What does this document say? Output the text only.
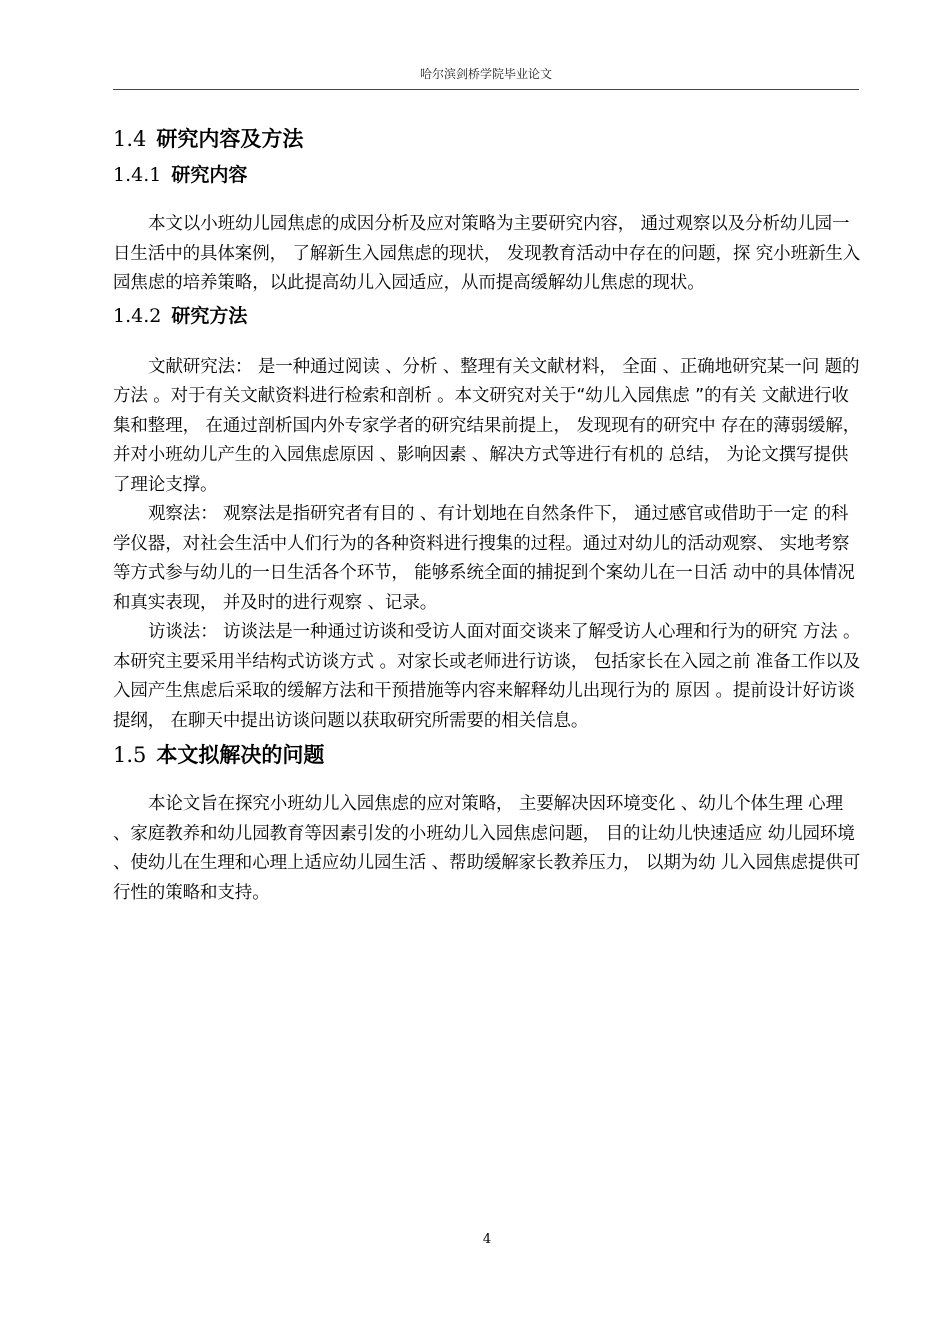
哈尔滨剑桥学院毕业论文
1.4 研究内容及方法
1.4.1 研究内容

本文以小班幼儿园焦虑的成因分析及应对策略为主要研究内容， 通过观察以及分析幼儿园一日生活中的具体案例， 了解新生入园焦虑的现状， 发现教育活动中存在的问题，探 究小班新生入园焦虑的培养策略，以此提高幼儿入园适应，从而提高缓解幼儿焦虑的现状。

1.4.2 研究方法

文献研究法： 是一种通过阅读 、分析 、整理有关文献材料， 全面 、正确地研究某一问 题的方法 。对于有关文献资料进行检索和剖析 。本文研究对关于“幼儿入园焦虑 ”的有关 文献进行收集和整理， 在通过剖析国内外专家学者的研究结果前提上， 发现现有的研究中 存在的薄弱缓解， 并对小班幼儿产生的入园焦虑原因 、影响因素 、解决方式等进行有机的 总结， 为论文撰写提供了理论支撑。

观察法： 观察法是指研究者有目的 、有计划地在自然条件下， 通过感官或借助于一定 的科学仪器，对社会生活中人们行为的各种资料进行搜集的过程。通过对幼儿的活动观察、 实地考察等方式参与幼儿的一日生活各个环节， 能够系统全面的捕捉到个案幼儿在一日活 动中的具体情况和真实表现， 并及时的进行观察 、记录。

访谈法： 访谈法是一种通过访谈和受访人面对面交谈来了解受访人心理和行为的研究 方法 。本研究主要采用半结构式访谈方式 。对家长或老师进行访谈， 包括家长在入园之前 准备工作以及入园产生焦虑后采取的缓解方法和干预措施等内容来解释幼儿出现行为的 原因 。提前设计好访谈提纲， 在聊天中提出访谈问题以获取研究所需要的相关信息。

1.5 本文拟解决的问题

本论文旨在探究小班幼儿入园焦虑的应对策略， 主要解决因环境变化 、幼儿个体生理 心理 、家庭教养和幼儿园教育等因素引发的小班幼儿入园焦虑问题， 目的让幼儿快速适应 幼儿园环境 、使幼儿在生理和心理上适应幼儿园生活 、帮助缓解家长教养压力， 以期为幼 儿入园焦虑提供可行性的策略和支持。

4
